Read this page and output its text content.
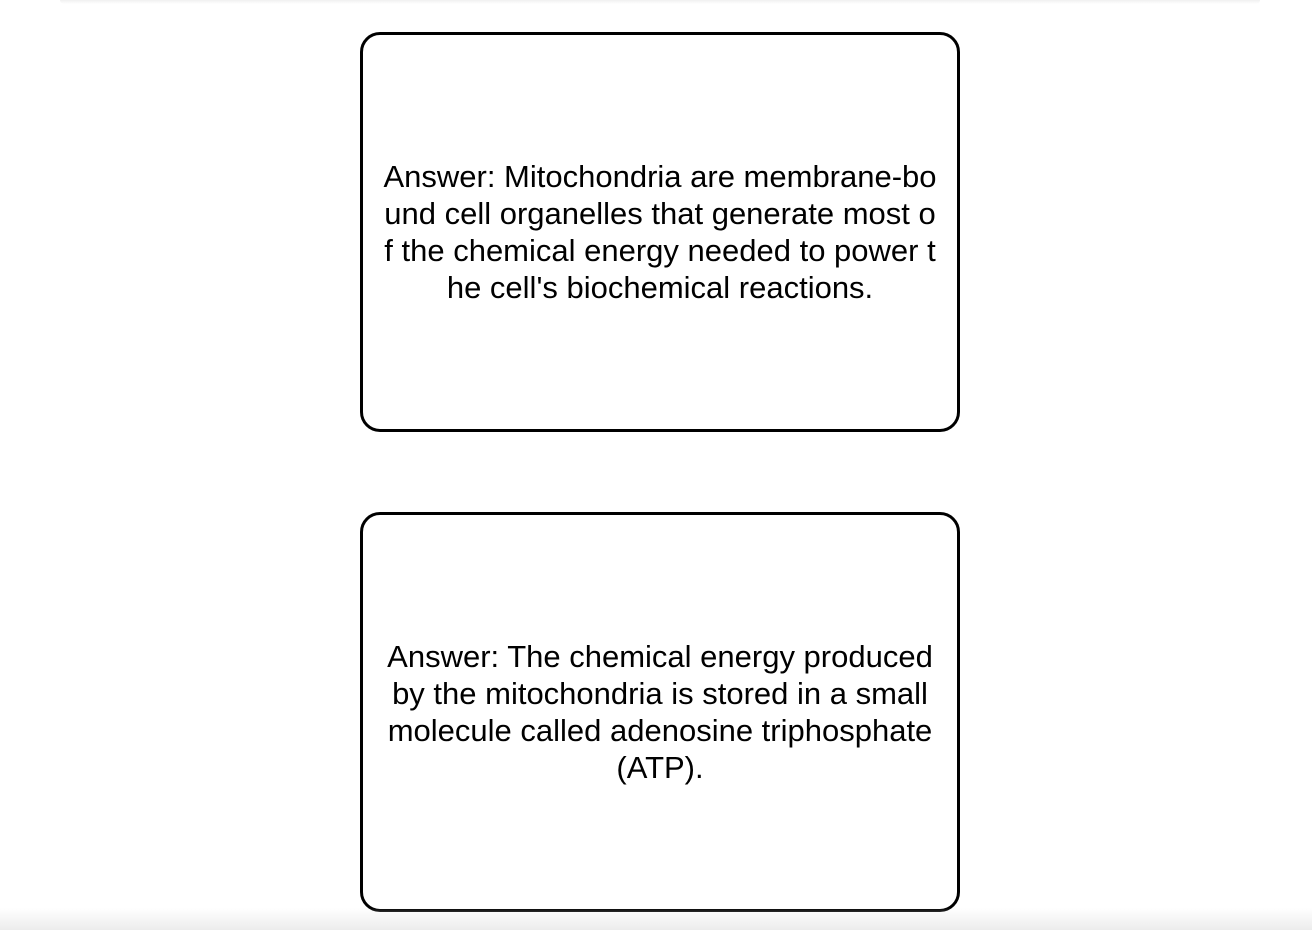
Answer: Mitochondria are membrane-bound cell organelles that generate most of the chemical energy needed to power the cell's biochemical reactions.
Answer: The chemical energy produced by the mitochondria is stored in a small molecule called adenosine triphosphate (ATP).
